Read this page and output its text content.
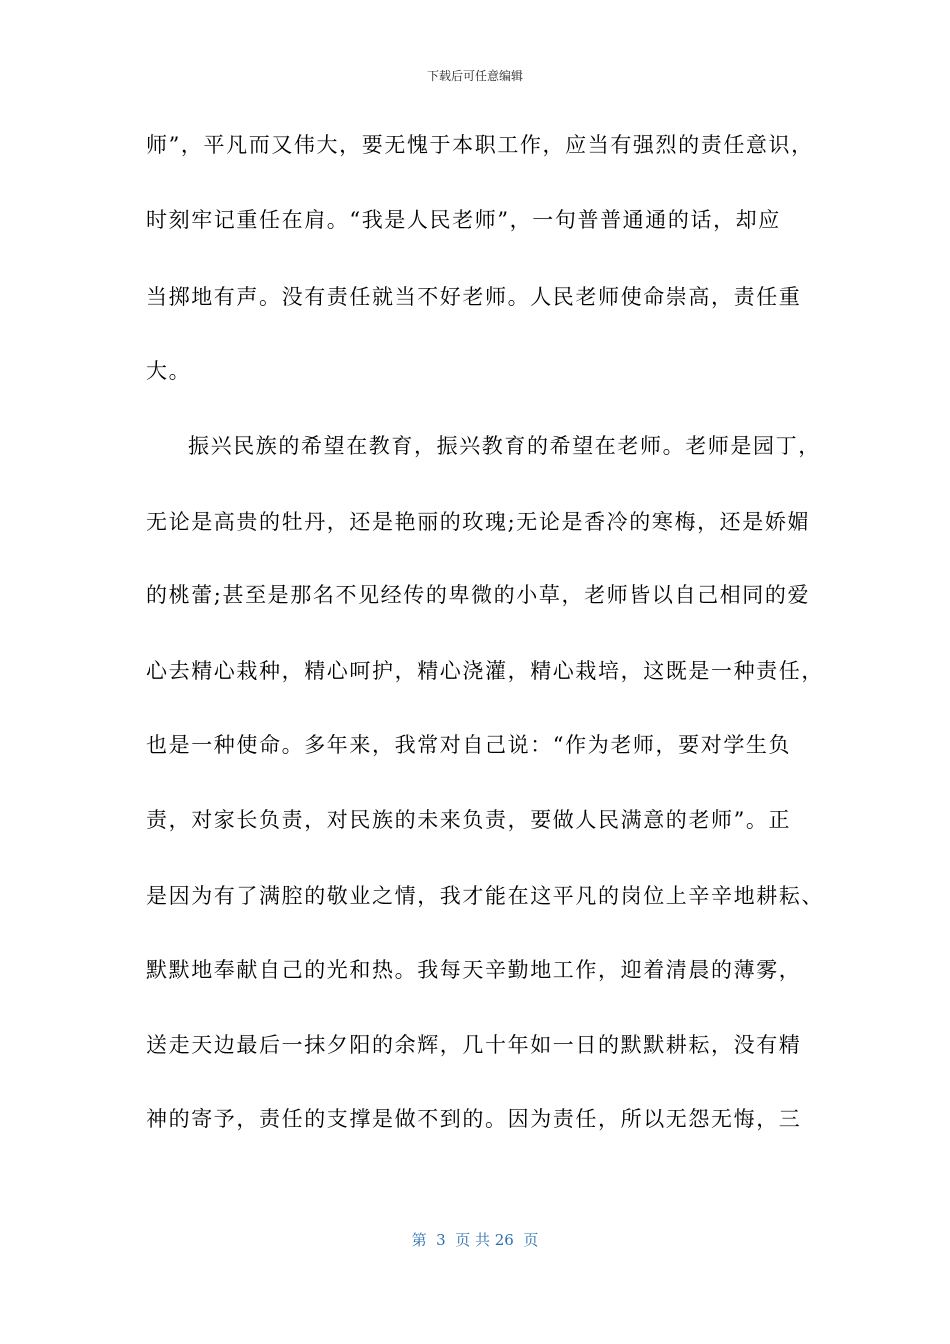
下载后可任意编辑
师”，平凡而又伟大，要无愧于本职工作，应当有强烈的责任意识，
时刻牢记重任在肩。“我是人民老师”，一句普普通通的话，却应
当掷地有声。没有责任就当不好老师。人民老师使命崇高，责任重
大。
振兴民族的希望在教育，振兴教育的希望在老师。老师是园丁，
无论是高贵的牡丹，还是艳丽的玫瑰;无论是香冷的寒梅，还是娇媚
的桃蕾;甚至是那名不见经传的卑微的小草，老师皆以自己相同的爱
心去精心栽种，精心呵护，精心浇灌，精心栽培，这既是一种责任，
也是一种使命。多年来，我常对自己说：“作为老师，要对学生负
责，对家长负责，对民族的未来负责，要做人民满意的老师”。正
是因为有了满腔的敬业之情，我才能在这平凡的岗位上辛辛地耕耘、
默默地奉献自己的光和热。我每天辛勤地工作，迎着清晨的薄雾，
送走天边最后一抹夕阳的余辉，几十年如一日的默默耕耘，没有精
神的寄予，责任的支撑是做不到的。因为责任，所以无怨无悔，三
第  3  页 共 26  页
